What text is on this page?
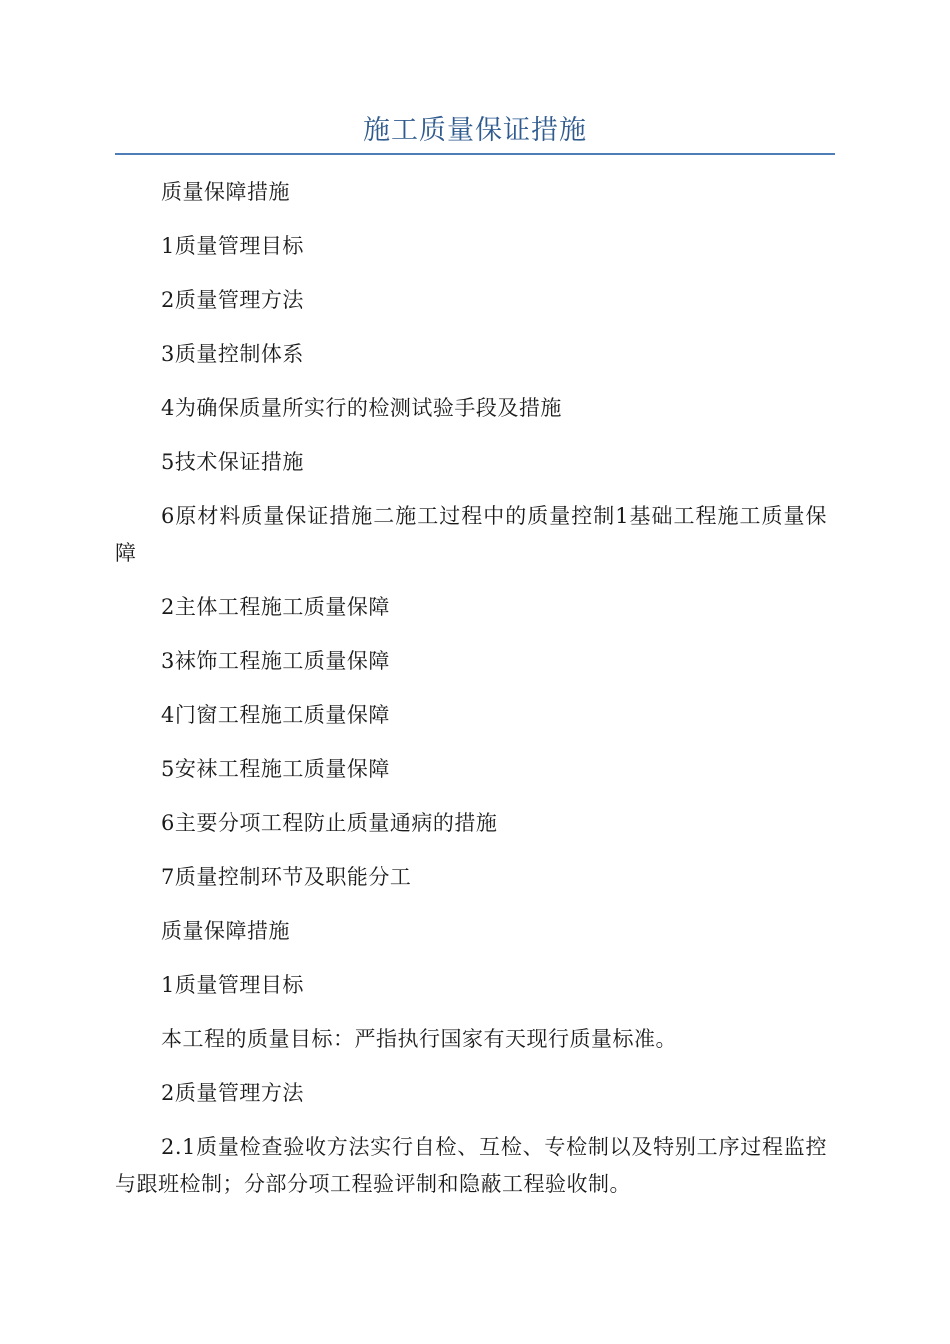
施工质量保证措施

质量保障措施

1质量管理目标

2质量管理方法

3质量控制体系

4为确保质量所实行的检测试验手段及措施

5技术保证措施

6原材料质量保证措施二施工过程中的质量控制1基础工程施工质量保障

2主体工程施工质量保障

3袜饰工程施工质量保障

4门窗工程施工质量保障

5安袜工程施工质量保障

6主要分项工程防止质量通病的措施

7质量控制环节及职能分工

质量保障措施

1质量管理目标

本工程的质量目标：严指执行国家有天现行质量标准。

2质量管理方法

2.1质量检查验收方法实行自检、互检、专检制以及特别工序过程监控与跟班检制；分部分项工程验评制和隐蔽工程验收制。
